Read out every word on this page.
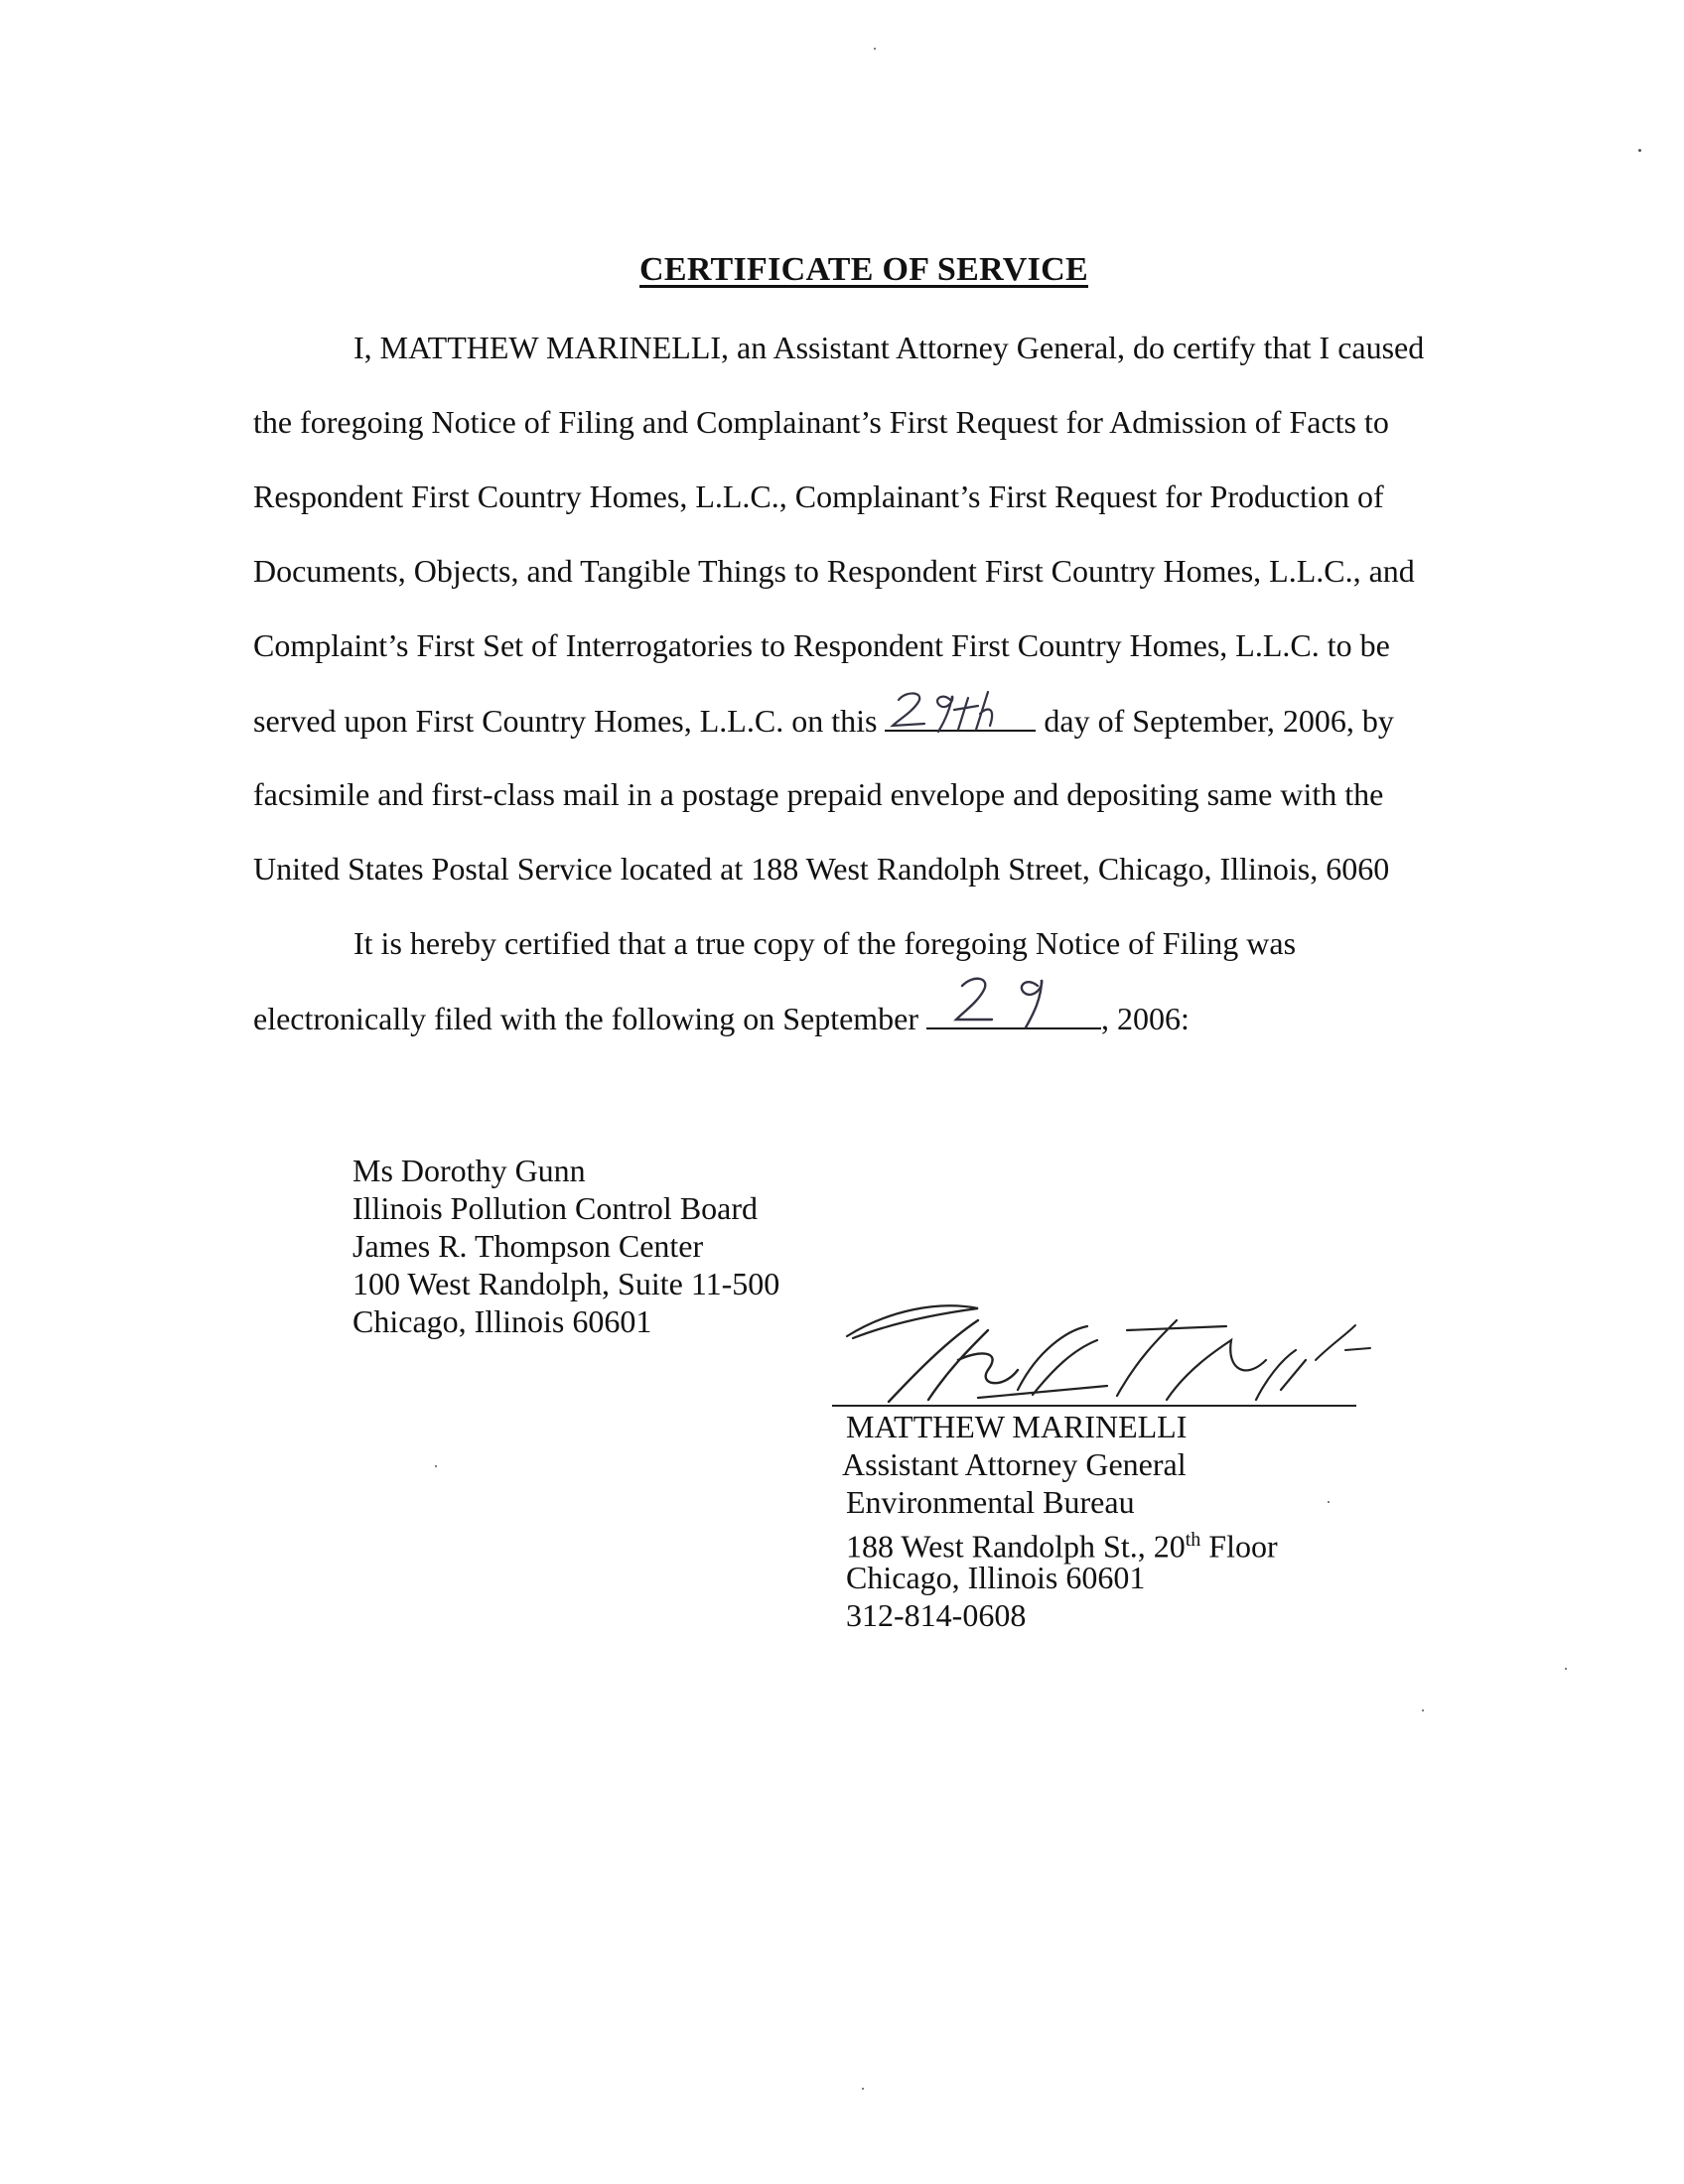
CERTIFICATE OF SERVICE
I, MATTHEW MARINELLI, an Assistant Attorney General, do certify that I caused
the foregoing Notice of Filing and Complainant’s First Request for Admission of Facts to
Respondent First Country Homes, L.L.C., Complainant’s First Request for Production of
Documents, Objects, and Tangible Things to Respondent First Country Homes, L.L.C., and
Complaint’s First Set of Interrogatories to Respondent First Country Homes, L.L.C. to be
served upon First Country Homes, L.L.C. on this	day of September, 2006, by
facsimile and first-class mail in a postage prepaid envelope and depositing same with the
United States Postal Service located at 188 West Randolph Street, Chicago, Illinois, 6060
It is hereby certified that a true copy of the foregoing Notice of Filing was
electronically filed with the following on September	, 2006:
Ms Dorothy Gunn
Illinois Pollution Control Board
James R. Thompson Center
100 West Randolph, Suite 11-500
Chicago, Illinois 60601
MATTHEW MARINELLI
Assistant Attorney General
Environmental Bureau
188 West Randolph St., 20th Floor
Chicago, Illinois 60601
312-814-0608
